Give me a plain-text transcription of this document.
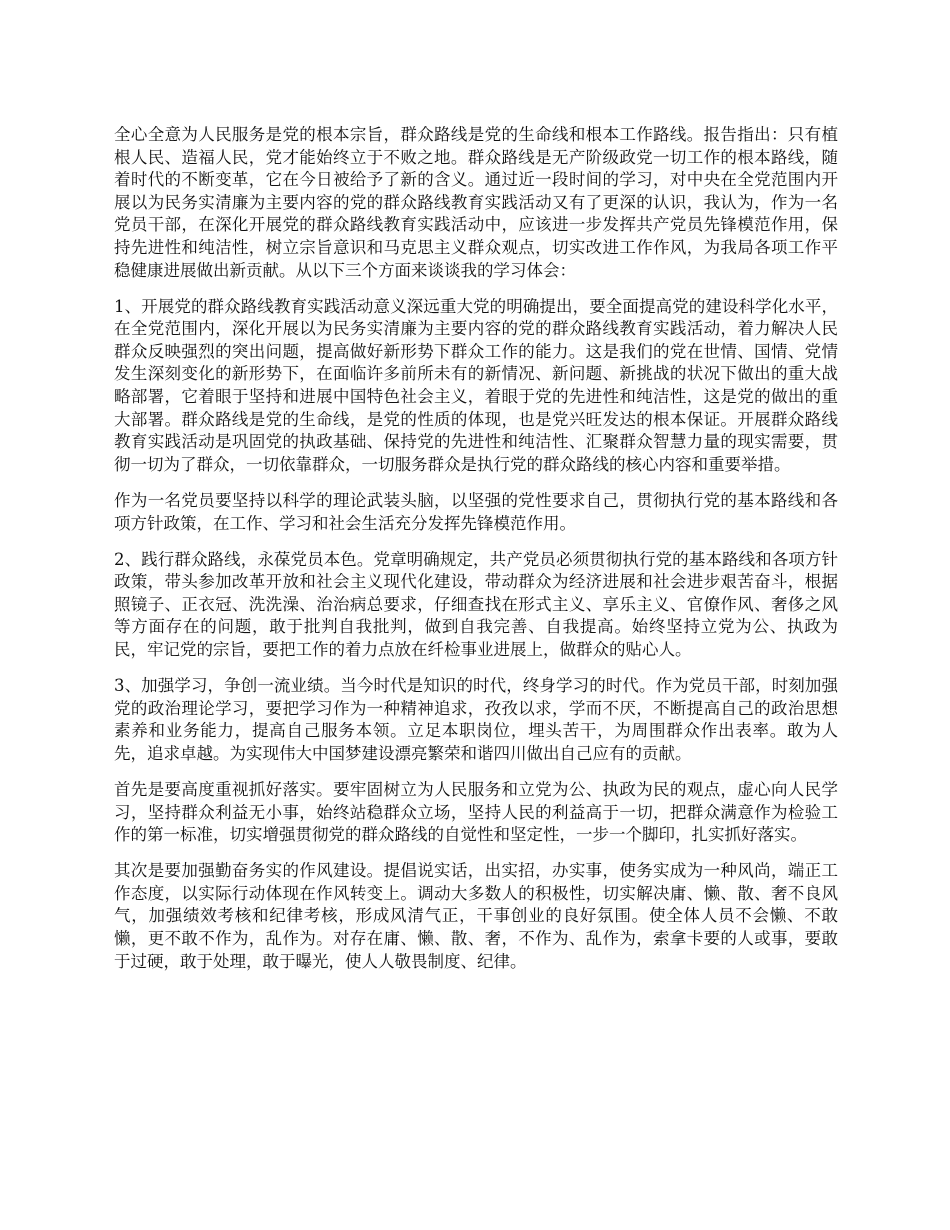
全心全意为人民服务是党的根本宗旨，群众路线是党的生命线和根本工作路线。报告指出：只有植根人民、造福人民，党才能始终立于不败之地。群众路线是无产阶级政党一切工作的根本路线，随着时代的不断变革，它在今日被给予了新的含义。通过近一段时间的学习，对中央在全党范围内开展以为民务实清廉为主要内容的党的群众路线教育实践活动又有了更深的认识，我认为，作为一名党员干部，在深化开展党的群众路线教育实践活动中，应该进一步发挥共产党员先锋模范作用，保持先进性和纯洁性，树立宗旨意识和马克思主义群众观点，切实改进工作作风，为我局各项工作平稳健康进展做出新贡献。从以下三个方面来谈谈我的学习体会：

1、开展党的群众路线教育实践活动意义深远重大党的明确提出，要全面提高党的建设科学化水平，在全党范围内，深化开展以为民务实清廉为主要内容的党的群众路线教育实践活动，着力解决人民群众反映强烈的突出问题，提高做好新形势下群众工作的能力。这是我们的党在世情、国情、党情发生深刻变化的新形势下，在面临许多前所未有的新情况、新问题、新挑战的状况下做出的重大战略部署，它着眼于坚持和进展中国特色社会主义，着眼于党的先进性和纯洁性，这是党的做出的重大部署。群众路线是党的生命线，是党的性质的体现，也是党兴旺发达的根本保证。开展群众路线教育实践活动是巩固党的执政基础、保持党的先进性和纯洁性、汇聚群众智慧力量的现实需要，贯彻一切为了群众，一切依靠群众，一切服务群众是执行党的群众路线的核心内容和重要举措。

作为一名党员要坚持以科学的理论武装头脑，以坚强的党性要求自己，贯彻执行党的基本路线和各项方针政策，在工作、学习和社会生活充分发挥先锋模范作用。

2、践行群众路线，永葆党员本色。党章明确规定，共产党员必须贯彻执行党的基本路线和各项方针政策，带头参加改革开放和社会主义现代化建设，带动群众为经济进展和社会进步艰苦奋斗，根据照镜子、正衣冠、洗洗澡、治治病总要求，仔细查找在形式主义、享乐主义、官僚作风、奢侈之风等方面存在的问题，敢于批判自我批判，做到自我完善、自我提高。始终坚持立党为公、执政为民，牢记党的宗旨，要把工作的着力点放在纤检事业进展上，做群众的贴心人。

3、加强学习，争创一流业绩。当今时代是知识的时代，终身学习的时代。作为党员干部，时刻加强党的政治理论学习，要把学习作为一种精神追求，孜孜以求，学而不厌，不断提高自己的政治思想素养和业务能力，提高自己服务本领。立足本职岗位，埋头苦干，为周围群众作出表率。敢为人先，追求卓越。为实现伟大中国梦建设漂亮繁荣和谐四川做出自己应有的贡献。

首先是要高度重视抓好落实。要牢固树立为人民服务和立党为公、执政为民的观点，虚心向人民学习，坚持群众利益无小事，始终站稳群众立场，坚持人民的利益高于一切，把群众满意作为检验工作的第一标准，切实增强贯彻党的群众路线的自觉性和坚定性，一步一个脚印，扎实抓好落实。

其次是要加强勤奋务实的作风建设。提倡说实话，出实招，办实事，使务实成为一种风尚，端正工作态度，以实际行动体现在作风转变上。调动大多数人的积极性，切实解决庸、懒、散、奢不良风气，加强绩效考核和纪律考核，形成风清气正，干事创业的良好氛围。使全体人员不会懒、不敢懒，更不敢不作为，乱作为。对存在庸、懒、散、奢，不作为、乱作为，索拿卡要的人或事，要敢于过硬，敢于处理，敢于曝光，使人人敬畏制度、纪律。
